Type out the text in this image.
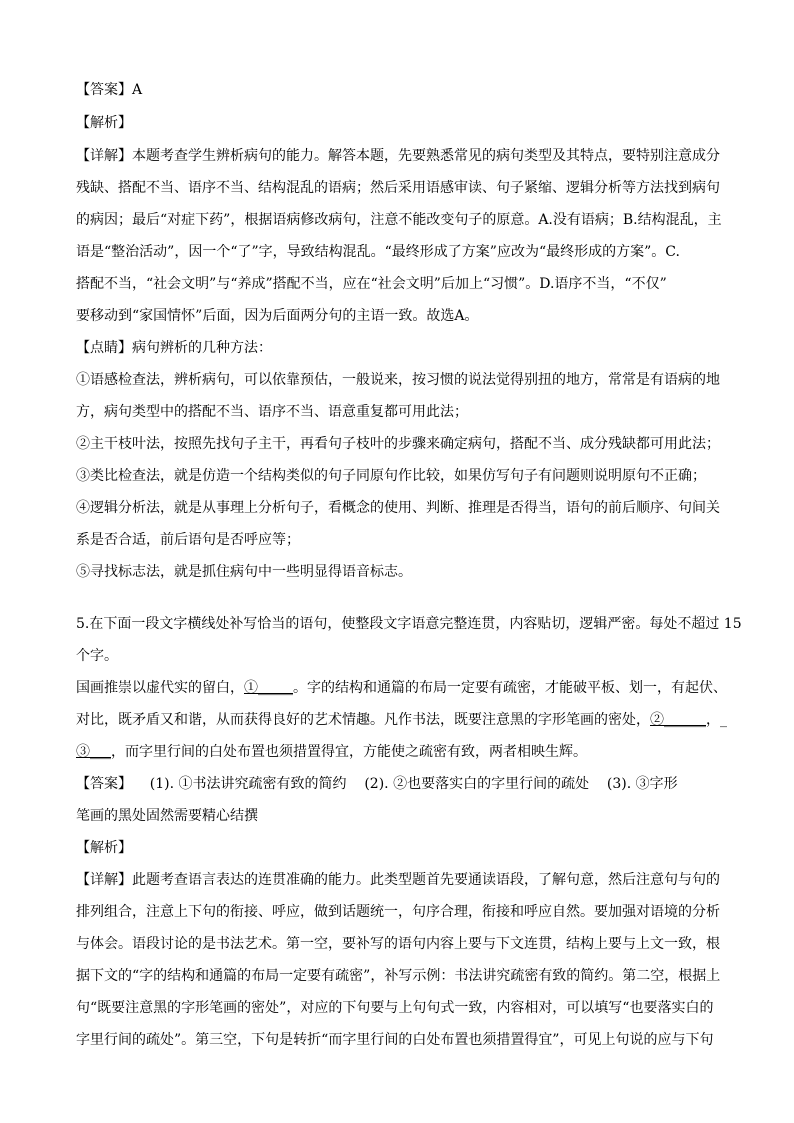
【答案】A
【解析】
【详解】本题考查学生辨析病句的能力。解答本题，先要熟悉常见的病句类型及其特点，要特别注意成分
残缺、搭配不当、语序不当、结构混乱的语病；然后采用语感审读、句子紧缩、逻辑分析等方法找到病句
的病因；最后“对症下药”，根据语病修改病句，注意不能改变句子的原意。A.没有语病；B.结构混乱，主
语是“整治活动”，因一个“了”字，导致结构混乱。“最终形成了方案”应改为“最终形成的方案”。C.
搭配不当，“社会文明”与“养成”搭配不当，应在“社会文明”后加上“习惯”。D.语序不当，“不仅”
要移动到“家国情怀”后面，因为后面两分句的主语一致。故选A。
【点睛】病句辨析的几种方法：
①语感检查法，辨析病句，可以依靠预估，一般说来，按习惯的说法觉得别扭的地方，常常是有语病的地
方，病句类型中的搭配不当、语序不当、语意重复都可用此法；
②主干枝叶法，按照先找句子主干，再看句子枝叶的步骤来确定病句，搭配不当、成分残缺都可用此法；
③类比检查法，就是仿造一个结构类似的句子同原句作比较，如果仿写句子有问题则说明原句不正确；
④逻辑分析法，就是从事理上分析句子，看概念的使用、判断、推理是否得当，语句的前后顺序、句间关
系是否合适，前后语句是否呼应等；
⑤寻找标志法，就是抓住病句中一些明显得语音标志。
5.在下面一段文字横线处补写恰当的语句，使整段文字语意完整连贯，内容贴切，逻辑严密。每处不超过 15
个字。
国画推崇以虚代实的留白，①_____。字的结构和通篇的布局一定要有疏密，才能破平板、划一，有起伏、
对比，既矛盾又和谐，从而获得良好的艺术情趣。凡作书法，既要注意黑的字形笔画的密处，②______，_
③___，而字里行间的白处布置也须措置得宜，方能使之疏密有致，两者相映生辉。
【答案】    (1). ①书法讲究疏密有致的简约    (2). ②也要落实白的字里行间的疏处    (3). ③字形
笔画的黑处固然需要精心结撰
【解析】
【详解】此题考查语言表达的连贯准确的能力。此类型题首先要通读语段，了解句意，然后注意句与句的
排列组合，注意上下句的衔接、呼应，做到话题统一，句序合理，衔接和呼应自然。要加强对语境的分析
与体会。语段讨论的是书法艺术。第一空，要补写的语句内容上要与下文连贯，结构上要与上文一致，根
据下文的“字的结构和通篇的布局一定要有疏密”，补写示例：书法讲究疏密有致的简约。第二空，根据上
句“既要注意黑的字形笔画的密处”，对应的下句要与上句句式一致，内容相对，可以填写“也要落实白的
字里行间的疏处”。第三空，下句是转折“而字里行间的白处布置也须措置得宜”，可见上句说的应与下句
